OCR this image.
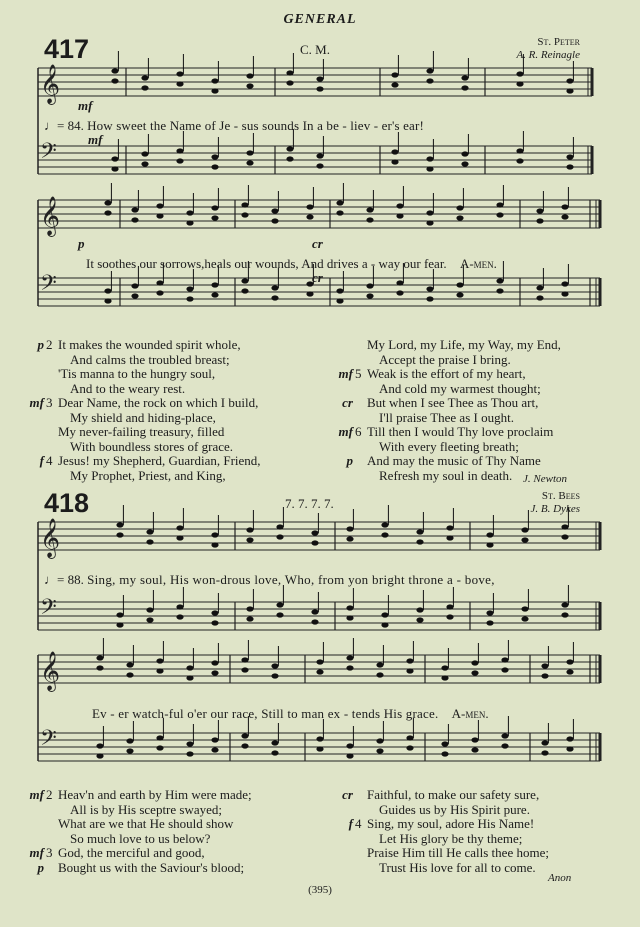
GENERAL
417	C. M.	St. Peter
A. R. Reinagle
𝄞
𝄢
mf
♩= 84. How sweet the Name of Je - sus sounds In a be - liev - er's ear!
mf
𝄞
𝄢
p	cr
It soothes our sorrows,heals our wounds, And drives a - way our fear. A-men.
cr
p 2 It makes the wounded spirit whole,
And calms the troubled breast;
'Tis manna to the hungry soul,
And to the weary rest.
mf 3 Dear Name, the rock on which I build,
My shield and hiding-place,
My never-failing treasury, filled
With boundless stores of grace.
f 4 Jesus! my Shepherd, Guardian, Friend,
My Prophet, Priest, and King,
My Lord, my Life, my Way, my End,
Accept the praise I bring.
mf 5 Weak is the effort of my heart,
And cold my warmest thought;
cr But when I see Thee as Thou art,
I'll praise Thee as I ought.
mf 6 Till then I would Thy love proclaim
With every fleeting breath;
p And may the music of Thy Name
Refresh my soul in death. J. Newton
418	7. 7. 7. 7.	St. Bees
J. B. Dykes
𝄞
𝄢
♩= 88. Sing, my soul, His won-drous love, Who, from yon bright throne a - bove,
𝄞
𝄢
Ev - er watch-ful o'er our race, Still to man ex - tends His grace. A-men.
mf 2 Heav'n and earth by Him were made;
All is by His sceptre swayed;
What are we that He should show
So much love to us below?
mf 3 God, the merciful and good,
p Bought us with the Saviour's blood;
cr Faithful, to make our safety sure,
Guides us by His Spirit pure.
f 4 Sing, my soul, adore His Name!
Let His glory be thy theme;
Praise Him till He calls thee home;
Trust His love for all to come.
Anon
(395)
